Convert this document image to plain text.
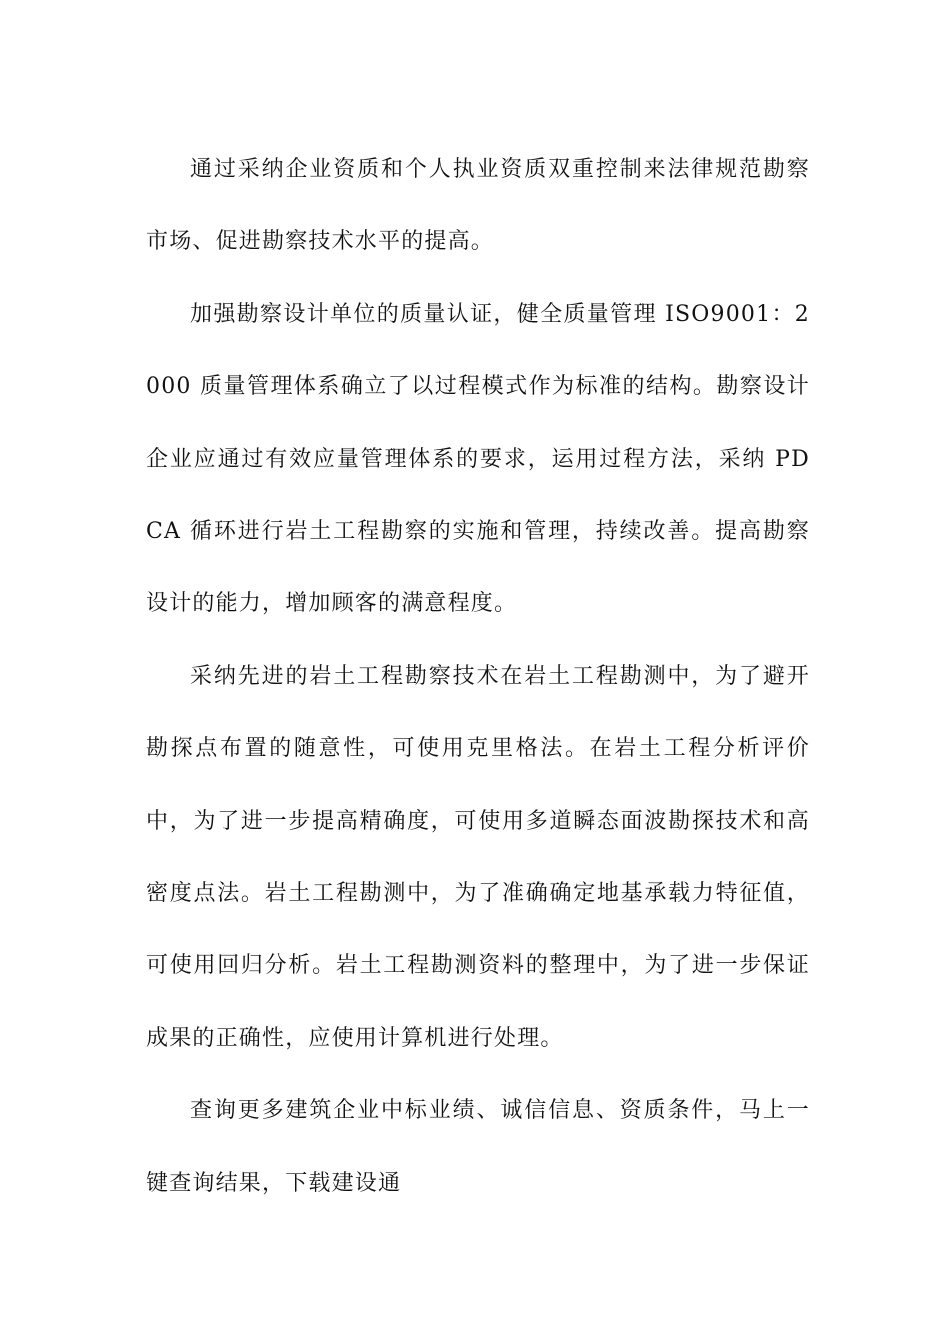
通过采纳企业资质和个人执业资质双重控制来法律规范勘察市场、促进勘察技术水平的提高。

加强勘察设计单位的质量认证，健全质量管理 ISO9001：2000 质量管理体系确立了以过程模式作为标准的结构。勘察设计企业应通过有效应量管理体系的要求，运用过程方法，采纳 PDCA 循环进行岩土工程勘察的实施和管理，持续改善。提高勘察设计的能力，增加顾客的满意程度。

采纳先进的岩土工程勘察技术在岩土工程勘测中，为了避开勘探点布置的随意性，可使用克里格法。在岩土工程分析评价中，为了进一步提高精确度，可使用多道瞬态面波勘探技术和高密度点法。岩土工程勘测中，为了准确确定地基承载力特征值，可使用回归分析。岩土工程勘测资料的整理中，为了进一步保证成果的正确性，应使用计算机进行处理。

查询更多建筑企业中标业绩、诚信信息、资质条件，马上一键查询结果，下载建设通
